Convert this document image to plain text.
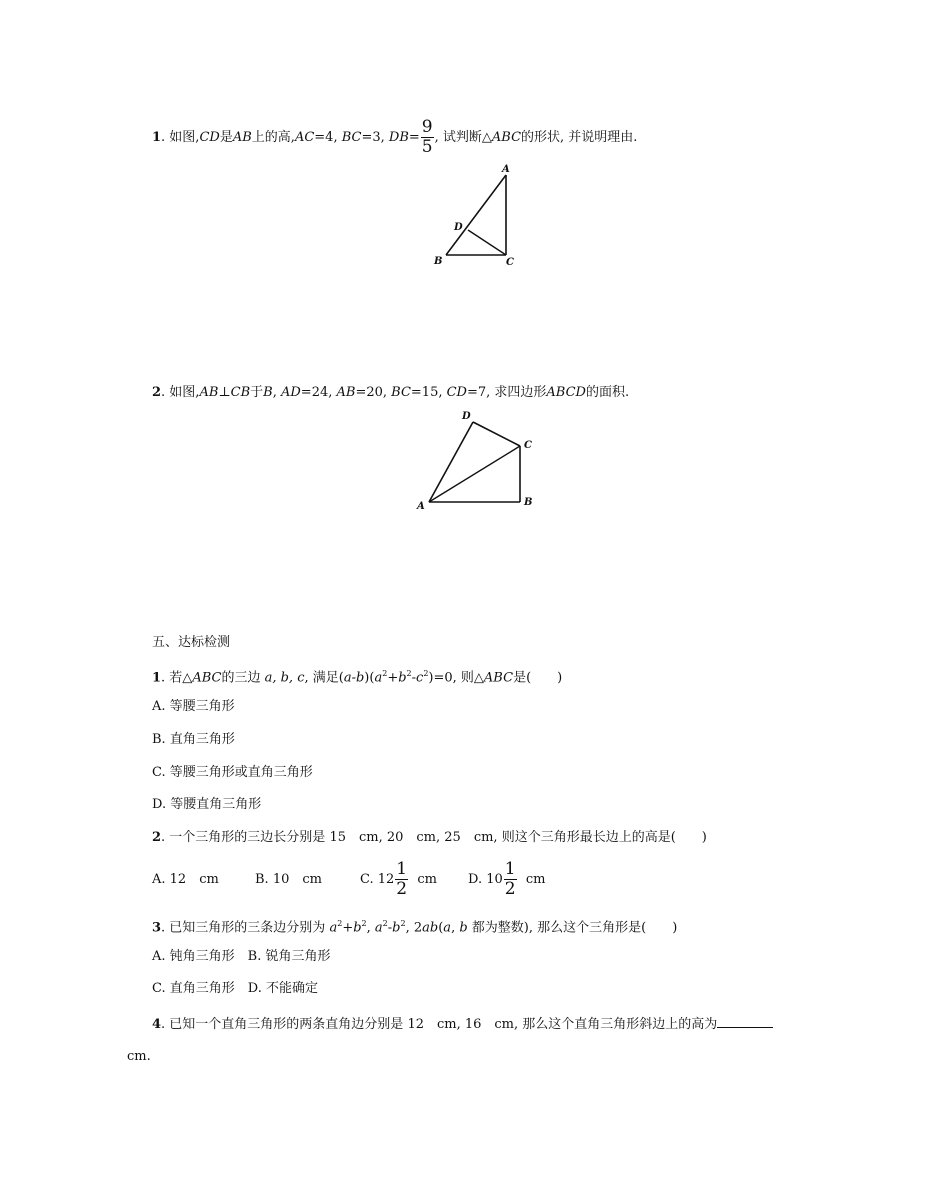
1. 如图,CD是AB上的高,AC=4, BC=3, $DB= \frac{9}{5}$ , 试判断△ABC的形状, 并说明理由.
A
D
B	C
2. 如图,AB⊥CB于B, AD=24, AB=20, BC=15, CD=7, 求四边形ABCD的面积.
D
C
A	B
五、达标检测
1. 若△ABC的三边 a, b, c, 满足$(a-b)(a^2+b^2-c^2)=0$, 则△ABC是(　　)
A. 等腰三角形
B. 直角三角形
C. 等腰三角形或直角三角形
D. 等腰直角三角形
2. 一个三角形的三边长分别是 15　cm, 20　cm, 25　cm, 则这个三角形最长边上的高是(　　)
A. 12　cm	B. 10　cm	C. $12 \frac{1}{2}$ cm D. $10 \frac{1}{2}$ cm
3. 已知三角形的三条边分别为 $a^2+b^2$, $a^2-b^2$, 2ab(a, b 都为整数), 那么这个三角形是(　　)
A. 钝角三角形　B. 锐角三角形
C. 直角三角形　D. 不能确定
4. 已知一个直角三角形的两条直角边分别是 12　cm, 16　cm, 那么这个直角三角形斜边上的高为
cm.
